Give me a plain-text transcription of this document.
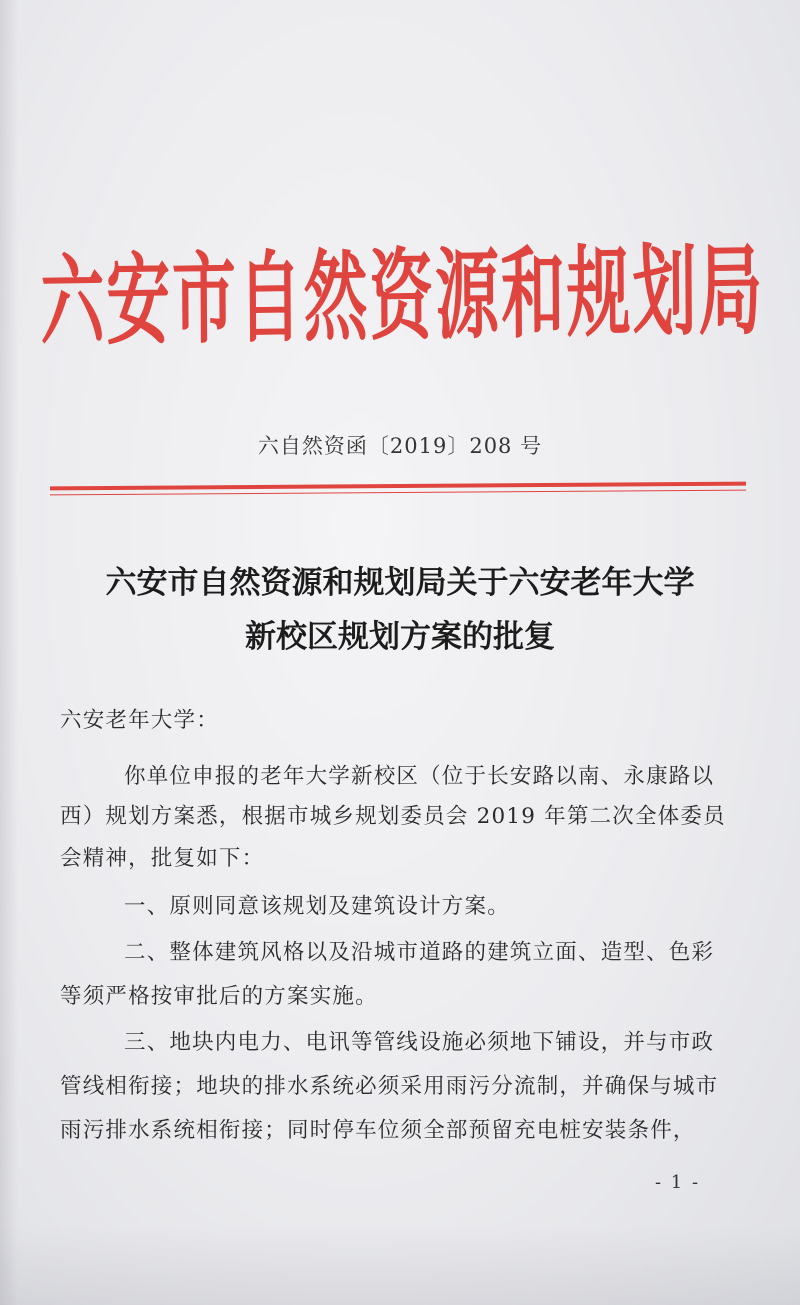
六安市自然资源和规划局
六自然资函〔2019〕208 号
六安市自然资源和规划局关于六安老年大学
新校区规划方案的批复
六安老年大学：
你单位申报的老年大学新校区（位于长安路以南、永康路以
西）规划方案悉，根据市城乡规划委员会 2019 年第二次全体委员
会精神，批复如下：
一、原则同意该规划及建筑设计方案。
二、整体建筑风格以及沿城市道路的建筑立面、造型、色彩
等须严格按审批后的方案实施。
三、地块内电力、电讯等管线设施必须地下铺设，并与市政
管线相衔接；地块的排水系统必须采用雨污分流制，并确保与城市
雨污排水系统相衔接；同时停车位须全部预留充电桩安装条件，
- 1 -
